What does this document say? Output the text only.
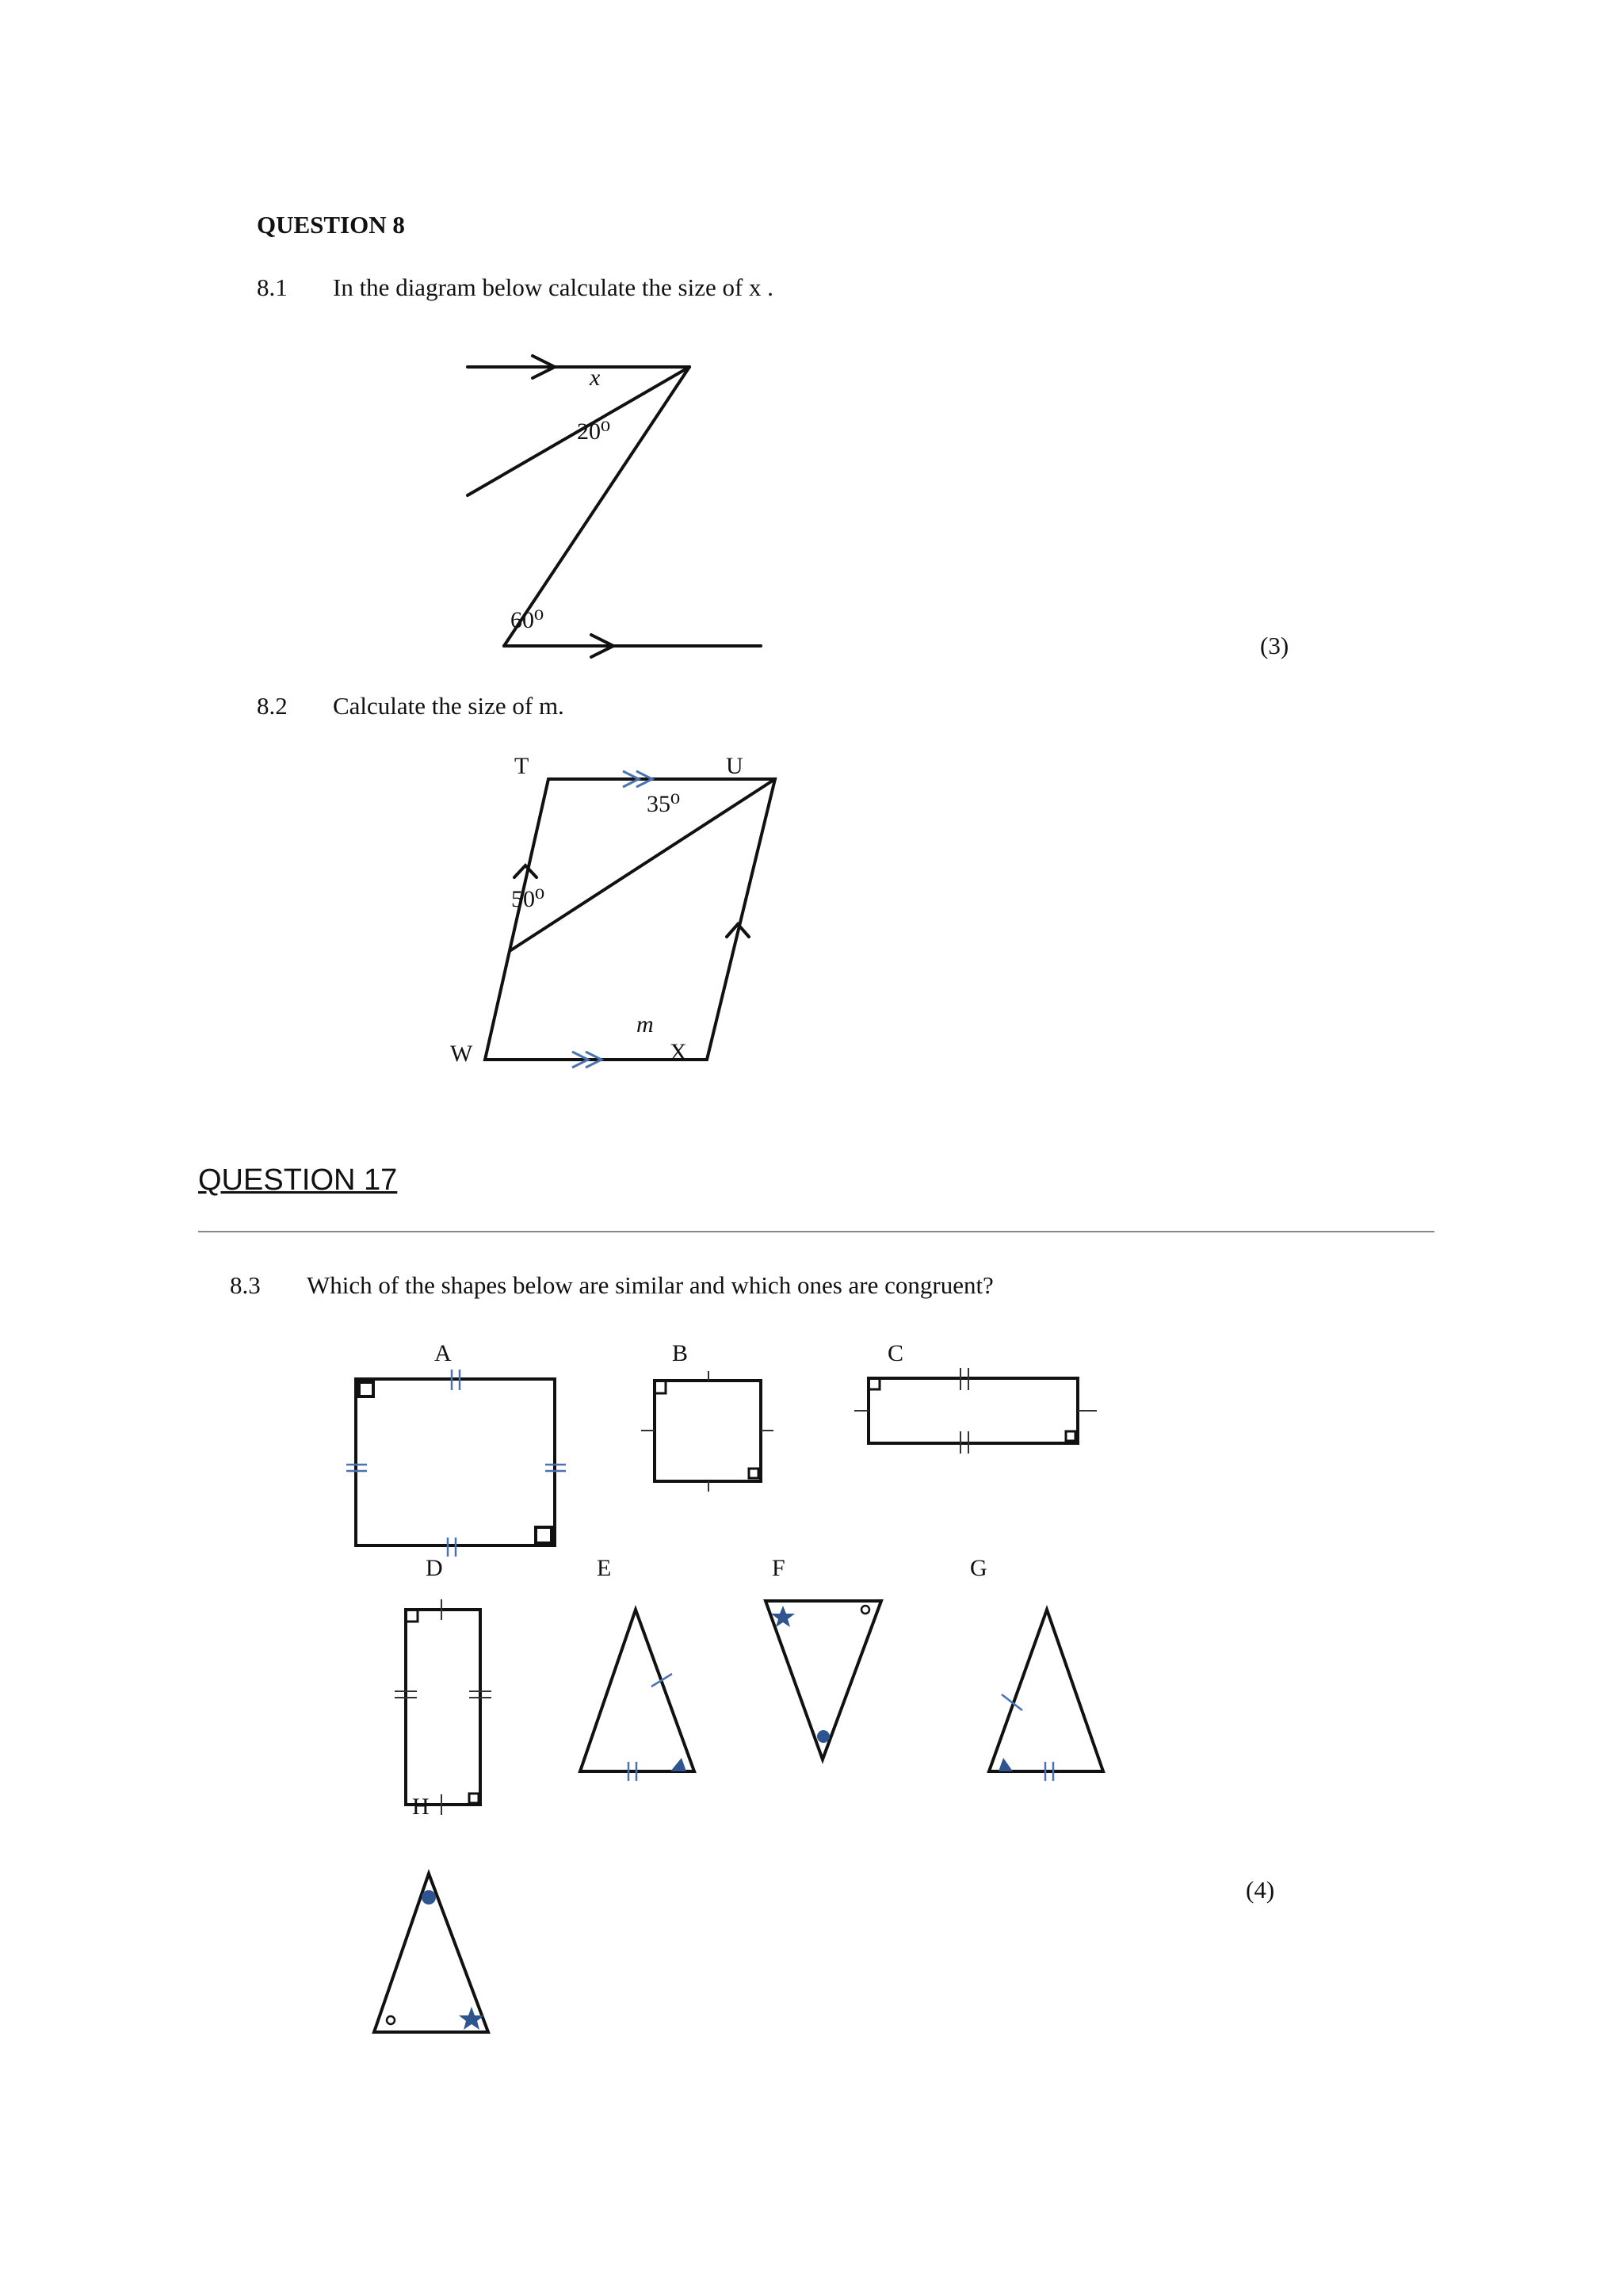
QUESTION 8
8.1 In the diagram below calculate the size of x .
(3)
8.2 Calculate the size of m.
QUESTION 17
8.3 Which of the shapes below are similar and which ones are congruent?
(4)
x
20⁰
60⁰
T	U
W	X
m
35⁰
50⁰
A	B	C
D
H
E	F	G
